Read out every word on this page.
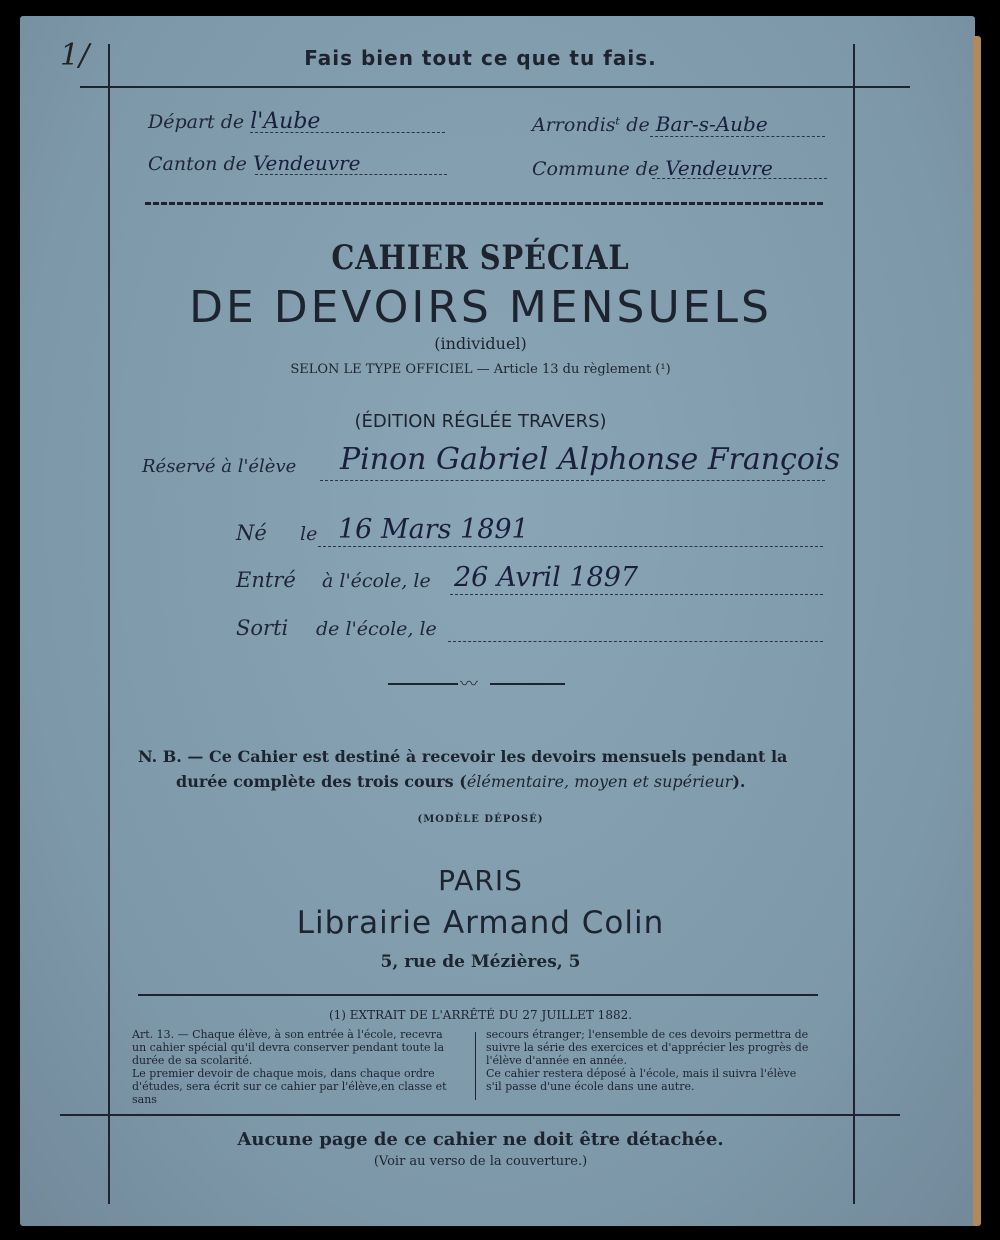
1/	Fais bien tout ce que tu fais.
Départ de l'Aube	Arrondisᵗ de Bar-s-Aube
Canton de Vendeuvre	Commune de Vendeuvre
CAHIER SPÉCIAL
DE DEVOIRS MENSUELS
(individuel)
SELON LE TYPE OFFICIEL — Article 13 du règlement (¹)
(ÉDITION RÉGLÉE TRAVERS)
Réservé à l'élève Pinon Gabriel Alphonse François
Né le 16 Mars 1891
Entré à l'école, le 26 Avril 1897
Sorti de l'école, le
〰
N. B. — Ce Cahier est destiné à recevoir les devoirs mensuels pendant la
durée complète des trois cours (élémentaire, moyen et supérieur).
(MODÈLE DÉPOSÉ)
PARIS
Librairie Armand Colin
5, rue de Mézières, 5
(1) EXTRAIT DE L'ARRÊTÉ DU 27 JUILLET 1882.
Art. 13. — Chaque élève, à son entrée à l'école, recevra
un cahier spécial qu'il devra conserver pendant toute la
durée de sa scolarité.
Le premier devoir de chaque mois, dans chaque ordre
d'études, sera écrit sur ce cahier par l'élève,en classe et sans
secours étranger; l'ensemble de ces devoirs permettra de
suivre la série des exercices et d'apprécier les progrès de
l'élève d'année en année.
Ce cahier restera déposé à l'école, mais il suivra l'élève
s'il passe d'une école dans une autre.
Aucune page de ce cahier ne doit être détachée.
(Voir au verso de la couverture.)
